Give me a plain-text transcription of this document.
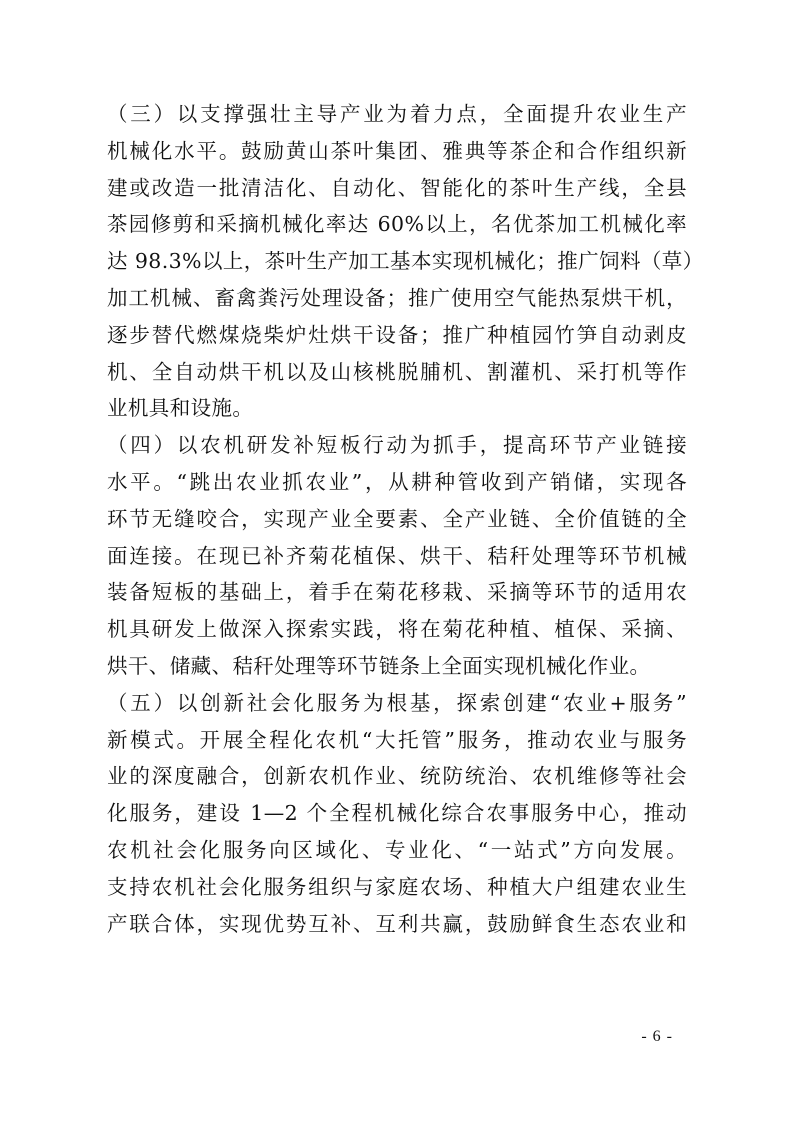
（三）以支撑强壮主导产业为着力点，全面提升农业生产
机械化水平。鼓励黄山茶叶集团、雅典等茶企和合作组织新
建或改造一批清洁化、自动化、智能化的茶叶生产线，全县
茶园修剪和采摘机械化率达 60%以上，名优茶加工机械化率
达 98.3%以上，茶叶生产加工基本实现机械化；推广饲料（草）
加工机械、畜禽粪污处理设备；推广使用空气能热泵烘干机，
逐步替代燃煤烧柴炉灶烘干设备；推广种植园竹笋自动剥皮
机、全自动烘干机以及山核桃脱脯机、割灌机、采打机等作
业机具和设施。

（四）以农机研发补短板行动为抓手，提高环节产业链接
水平。“跳出农业抓农业”，从耕种管收到产销储，实现各
环节无缝咬合，实现产业全要素、全产业链、全价值链的全
面连接。在现已补齐菊花植保、烘干、秸秆处理等环节机械
装备短板的基础上，着手在菊花移栽、采摘等环节的适用农
机具研发上做深入探索实践，将在菊花种植、植保、采摘、
烘干、储藏、秸秆处理等环节链条上全面实现机械化作业。

（五）以创新社会化服务为根基，探索创建“农业+服务”
新模式。开展全程化农机“大托管”服务，推动农业与服务
业的深度融合，创新农机作业、统防统治、农机维修等社会
化服务，建设 1—2 个全程机械化综合农事服务中心，推动
农机社会化服务向区域化、专业化、“一站式”方向发展。
支持农机社会化服务组织与家庭农场、种植大户组建农业生
产联合体，实现优势互补、互利共赢，鼓励鲜食生态农业和

- 6 -
